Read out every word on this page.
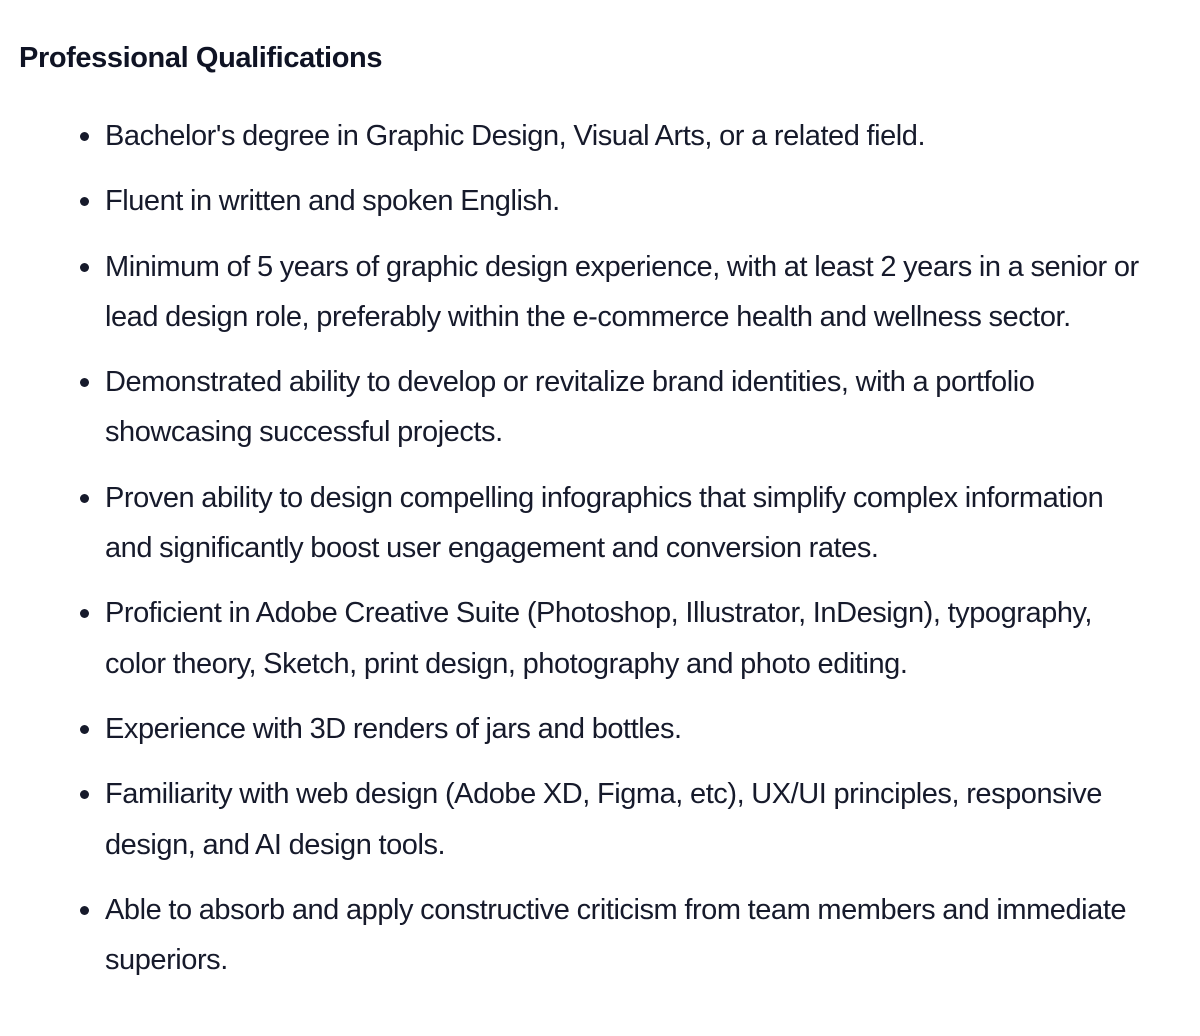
Professional Qualifications
Bachelor's degree in Graphic Design, Visual Arts, or a related field.
Fluent in written and spoken English.
Minimum of 5 years of graphic design experience, with at least 2 years in a senior or lead design role, preferably within the e-commerce health and wellness sector.
Demonstrated ability to develop or revitalize brand identities, with a portfolio showcasing successful projects.
Proven ability to design compelling infographics that simplify complex information and significantly boost user engagement and conversion rates.
Proficient in Adobe Creative Suite (Photoshop, Illustrator, InDesign), typography, color theory, Sketch, print design, photography and photo editing.
Experience with 3D renders of jars and bottles.
Familiarity with web design (Adobe XD, Figma, etc), UX/UI principles, responsive design, and AI design tools.
Able to absorb and apply constructive criticism from team members and immediate superiors.
